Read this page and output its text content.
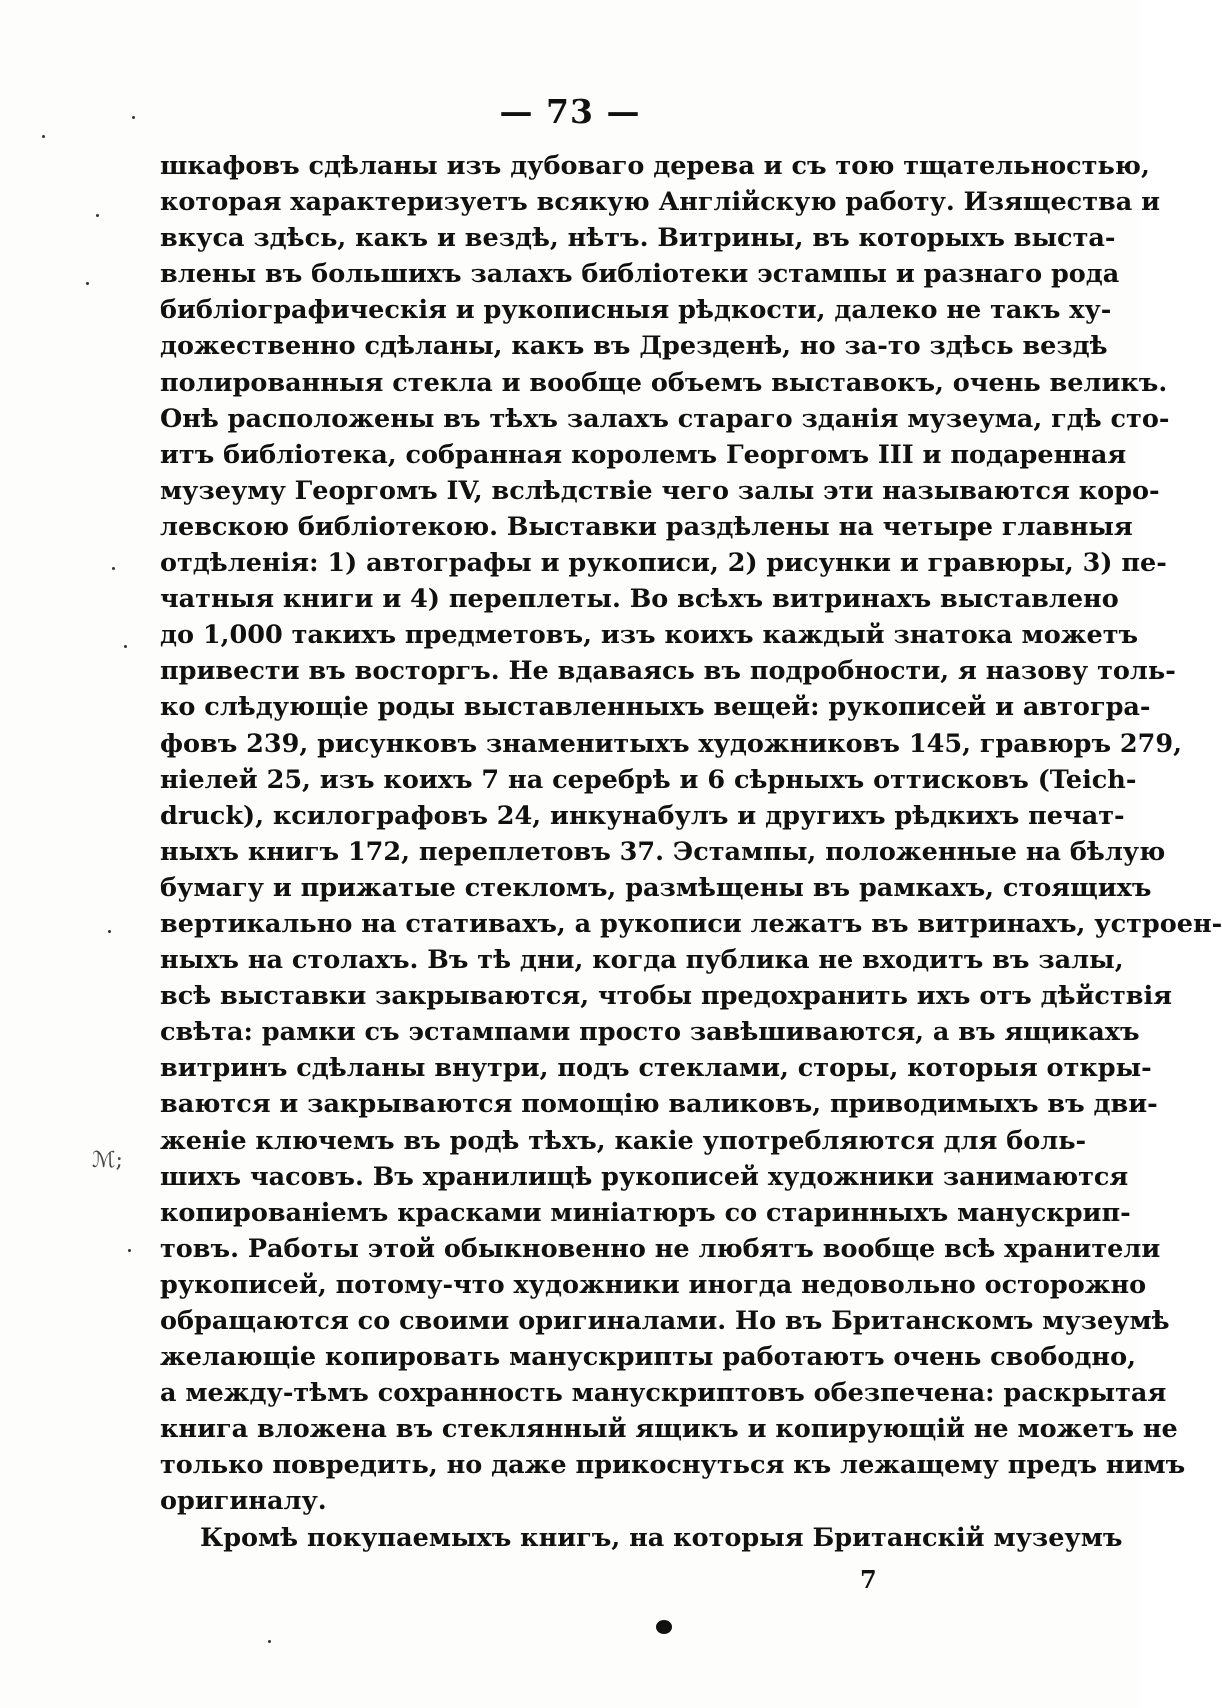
— 73 —
шкафовъ сдѣланы изъ дубоваго дерева и съ тою тщательностью,
которая характеризуетъ всякую Англійскую работу. Изящества и
вкуса здѣсь, какъ и вездѣ, нѣтъ. Витрины, въ которыхъ выста-
влены въ большихъ залахъ библіотеки эстампы и разнаго рода
библіографическія и рукописныя рѣдкости, далеко не такъ ху-
дожественно сдѣланы, какъ въ Дрезденѣ, но за-то здѣсь вездѣ
полированныя стекла и вообще объемъ выставокъ, очень великъ.
Онѣ расположены въ тѣхъ залахъ стараго зданія музеума, гдѣ сто-
итъ библіотека, собранная королемъ Георгомъ III и подаренная
музеуму Георгомъ IV, вслѣдствіе чего залы эти называются коро-
левскою библіотекою. Выставки раздѣлены на четыре главныя
отдѣленія: 1) автографы и рукописи, 2) рисунки и гравюры, 3) пе-
чатныя книги и 4) переплеты. Во всѣхъ витринахъ выставлено
до 1,000 такихъ предметовъ, изъ коихъ каждый знатока можетъ
привести въ восторгъ. Не вдаваясь въ подробности, я назову толь-
ко слѣдующіе роды выставленныхъ вещей: рукописей и автогра-
фовъ 239, рисунковъ знаменитыхъ художниковъ 145, гравюръ 279,
ніелей 25, изъ коихъ 7 на серебрѣ и 6 сѣрныхъ оттисковъ (Teich-
druck), ксилографовъ 24, инкунабулъ и другихъ рѣдкихъ печат-
ныхъ книгъ 172, переплетовъ 37. Эстампы, положенные на бѣлую
бумагу и прижатые стекломъ, размѣщены въ рамкахъ, стоящихъ
вертикально на стативахъ, а рукописи лежатъ въ витринахъ, устроен-
ныхъ на столахъ. Въ тѣ дни, когда публика не входитъ въ залы,
всѣ выставки закрываются, чтобы предохранить ихъ отъ дѣйствія
свѣта: рамки съ эстампами просто завѣшиваются, а въ ящикахъ
витринъ сдѣланы внутри, подъ стеклами, сторы, которыя откры-
ваются и закрываются помощію валиковъ, приводимыхъ въ дви-
женіе ключемъ въ родѣ тѣхъ, какіе употребляются для боль-
шихъ часовъ. Въ хранилищѣ рукописей художники занимаются
копированіемъ красками миніатюръ со старинныхъ манускрип-
товъ. Работы этой обыкновенно не любятъ вообще всѣ хранители
рукописей, потому-что художники иногда недовольно осторожно
обращаются со своими оригиналами. Но въ Британскомъ музеумѣ
желающіе копировать манускрипты работаютъ очень свободно,
а между-тѣмъ сохранность манускриптовъ обезпечена: раскрытая
книга вложена въ стеклянный ящикъ и копирующій не можетъ не
только повредить, но даже прикоснуться къ лежащему предъ нимъ
оригиналу.
Кромѣ покупаемыхъ книгъ, на которыя Британскій музеумъ
7
ℳ;
